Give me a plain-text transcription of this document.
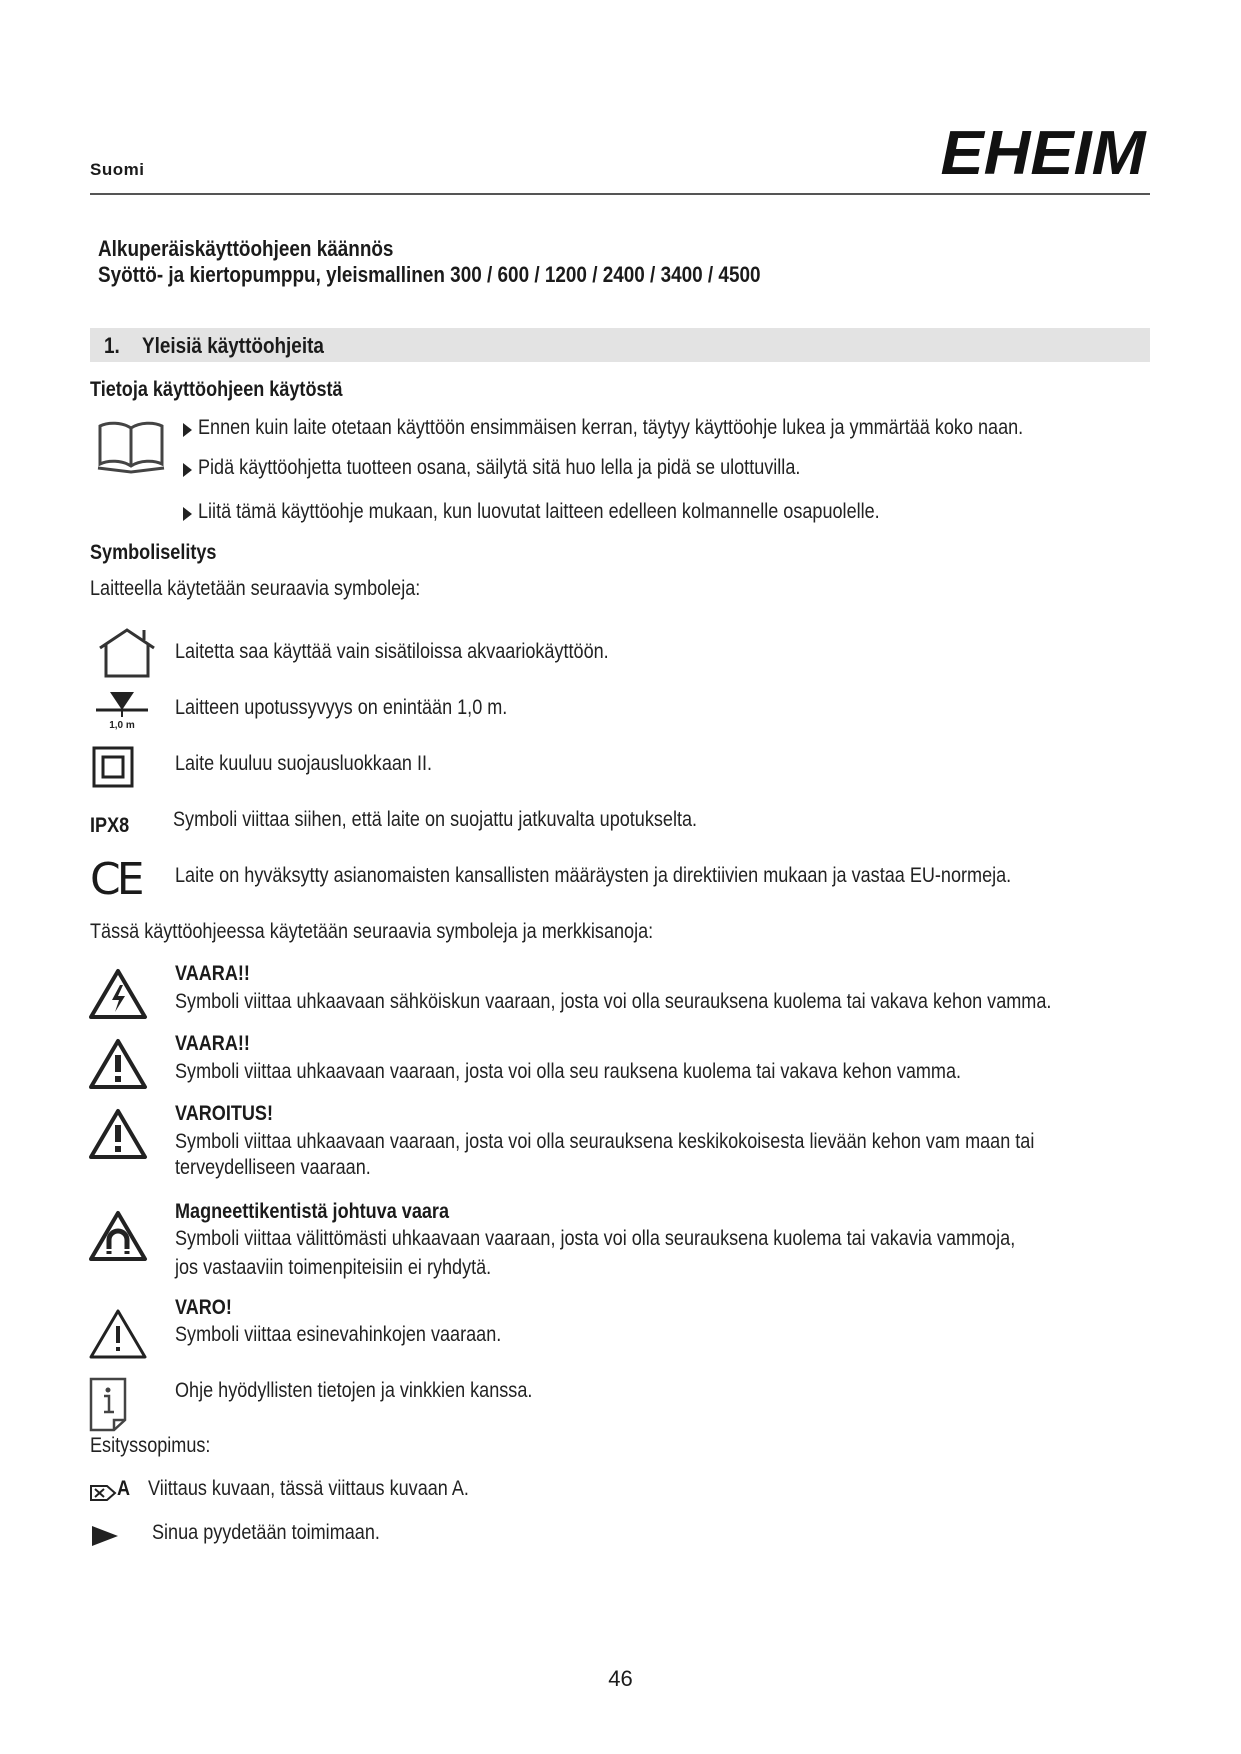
Suomi	EHEIM
Alkuperäiskäyttöohjeen käännös
Syöttö- ja kiertopumppu, yleismallinen 300 / 600 / 1200 / 2400 / 3400 / 4500
1. Yleisiä käyttöohjeita
Tietoja käyttöohjeen käytöstä
Ennen kuin laite otetaan käyttöön ensimmäisen kerran, täytyy käyttöohje lukea ja ymmärtää koko naan.
Pidä käyttöohjetta tuotteen osana, säilytä sitä huo lella ja pidä se ulottuvilla.
Liitä tämä käyttöohje mukaan, kun luovutat laitteen edelleen kolmannelle osapuolelle.
Symboliselitys
Laitteella käytetään seuraavia symboleja:
Laitetta saa käyttää vain sisätiloissa akvaariokäyttöön.
1,0 m
Laitteen upotussyvyys on enintään 1,0 m.
Laite kuuluu suojausluokkaan II.
IPX8 Symboli viittaa siihen, että laite on suojattu jatkuvalta upotukselta.
CE Laite on hyväksytty asianomaisten kansallisten määräysten ja direktiivien mukaan ja vastaa EU-normeja.
Tässä käyttöohjeessa käytetään seuraavia symboleja ja merkkisanoja:
VAARA!!
Symboli viittaa uhkaavaan sähköiskun vaaraan, josta voi olla seurauksena kuolema tai vakava kehon vamma.
VAARA!!
Symboli viittaa uhkaavaan vaaraan, josta voi olla seu rauksena kuolema tai vakava kehon vamma.
VAROITUS!
Symboli viittaa uhkaavaan vaaraan, josta voi olla seurauksena keskikokoisesta lievään kehon vam maan tai
terveydelliseen vaaraan.
Magneettikentistä johtuva vaara
Symboli viittaa välittömästi uhkaavaan vaaraan, josta voi olla seurauksena kuolema tai vakavia vammoja,
jos vastaaviin toimenpiteisiin ei ryhdytä.
VARO!
Symboli viittaa esinevahinkojen vaaraan.
Ohje hyödyllisten tietojen ja vinkkien kanssa.
Esityssopimus:
A Viittaus kuvaan, tässä viittaus kuvaan A.
Sinua pyydetään toimimaan.
46
